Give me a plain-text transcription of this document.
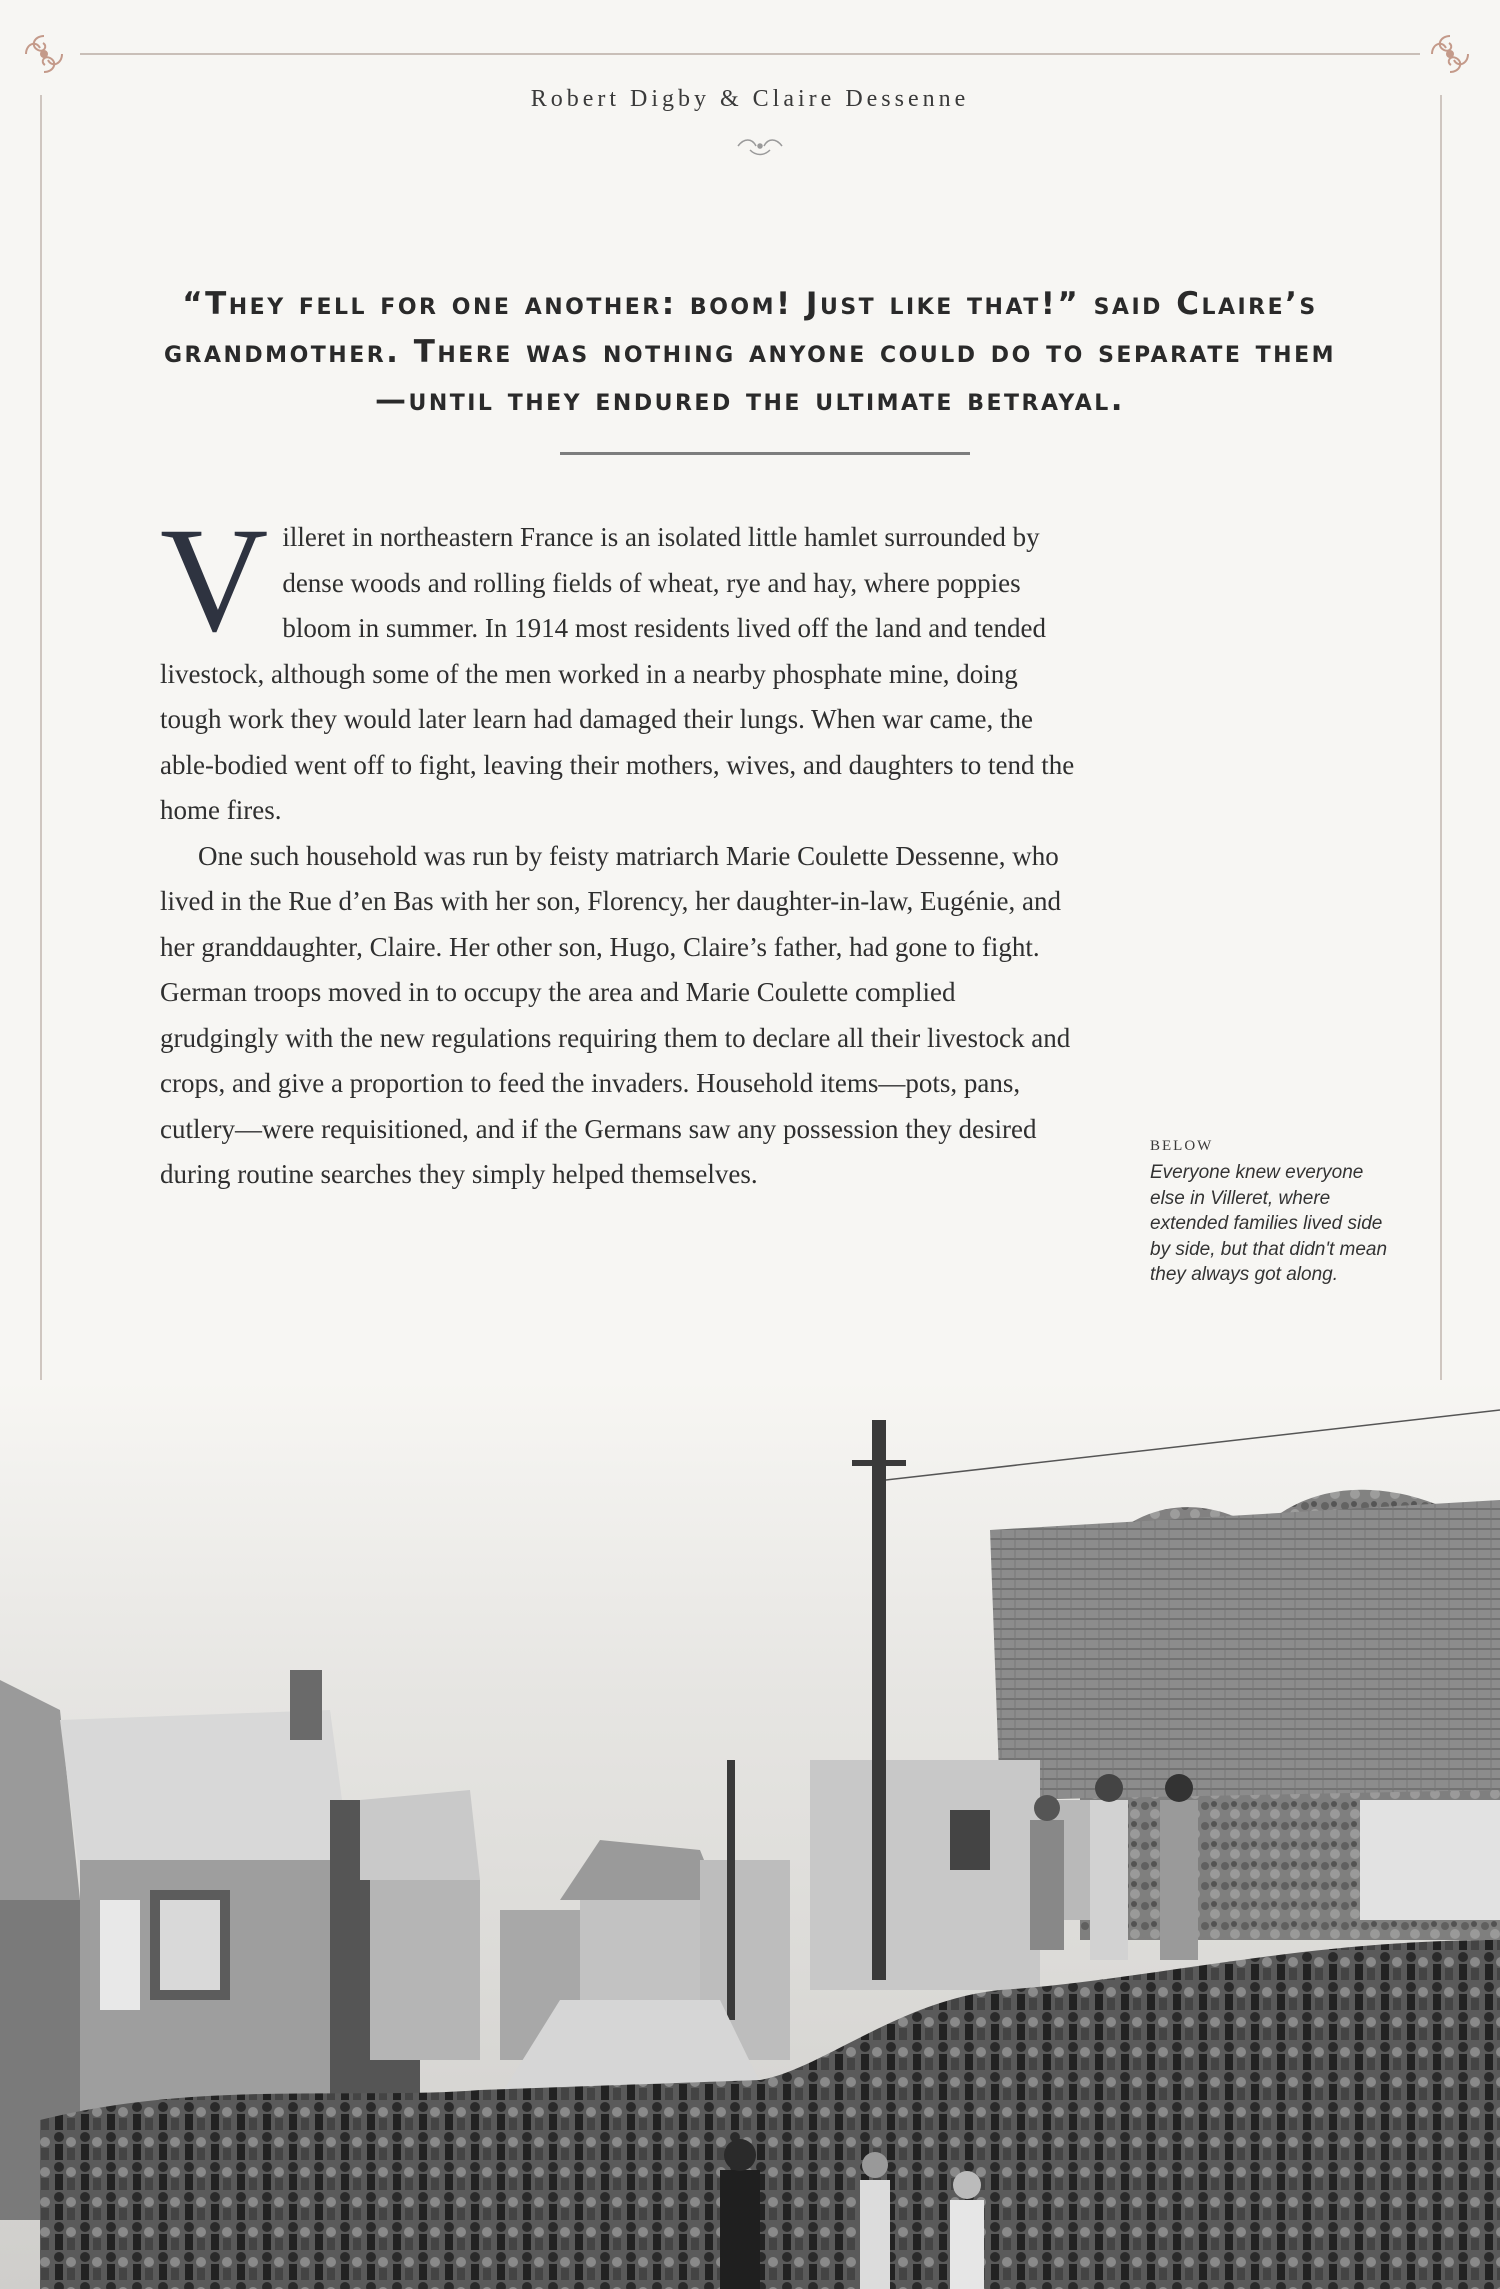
Robert Digby & Claire Dessenne
“They fell for one another: boom! Just like that!” said Claire’s grandmother. There was nothing anyone could do to separate them—until they endured the ultimate betrayal.

Villeret in northeastern France is an isolated little hamlet surrounded by dense woods and rolling fields of wheat, rye and hay, where poppies bloom in summer. In 1914 most residents lived off the land and tended livestock, although some of the men worked in a nearby phosphate mine, doing tough work they would later learn had damaged their lungs. When war came, the able-bodied went off to fight, leaving their mothers, wives, and daughters to tend the home fires.

One such household was run by feisty matriarch Marie Coulette Dessenne, who lived in the Rue d’en Bas with her son, Florency, her daughter-in-law, Eugénie, and her granddaughter, Claire. Her other son, Hugo, Claire’s father, had gone to fight. German troops moved in to occupy the area and Marie Coulette complied grudgingly with the new regulations requiring them to declare all their livestock and crops, and give a proportion to feed the invaders. Household items—pots, pans, cutlery—were requisitioned, and if the Germans saw any possession they desired during routine searches they simply helped themselves.

BELOW
Everyone knew everyone else in Villeret, where extended families lived side by side, but that didn't mean they always got along.
